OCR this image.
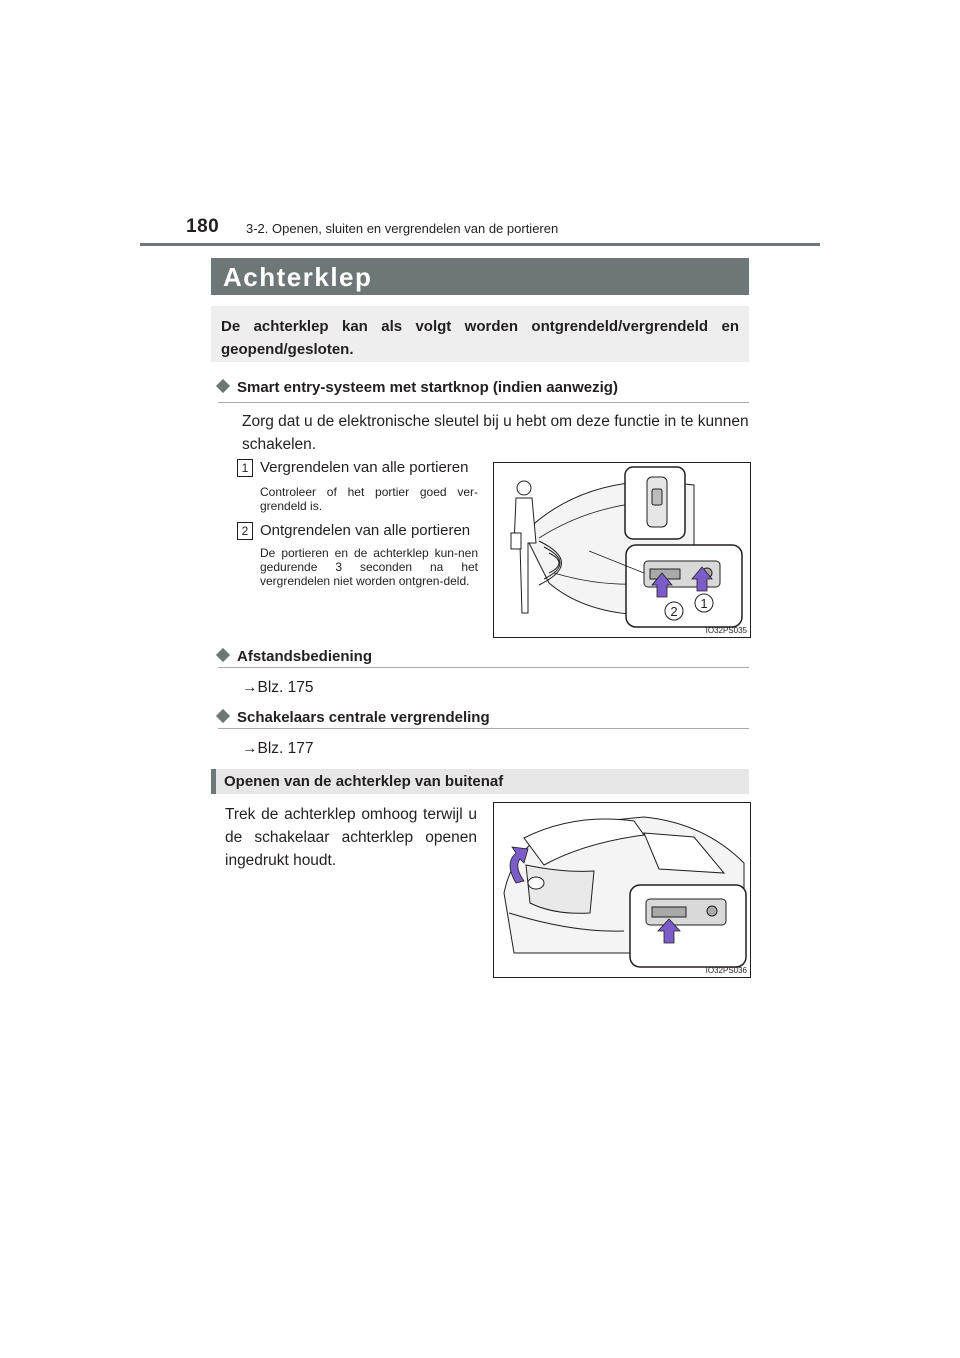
180 3-2. Openen, sluiten en vergrendelen van de portieren
Achterklep
De achterklep kan als volgt worden ontgrendeld/vergrendeld en geopend/gesloten.
Smart entry-systeem met startknop (indien aanwezig)
Zorg dat u de elektronische sleutel bij u hebt om deze functie in te kunnen schakelen.
1 Vergrendelen van alle portieren
Controleer of het portier goed ver-grendeld is.
2 Ontgrendelen van alle portieren
De portieren en de achterklep kun-nen gedurende 3 seconden na het vergrendelen niet worden ontgren-deld.
2
1
IO32PS035
Afstandsbediening
→Blz. 175
Schakelaars centrale vergrendeling
→Blz. 177
Openen van de achterklep van buitenaf
Trek de achterklep omhoog terwijl u de schakelaar achterklep openen ingedrukt houdt.
IO32PS036
